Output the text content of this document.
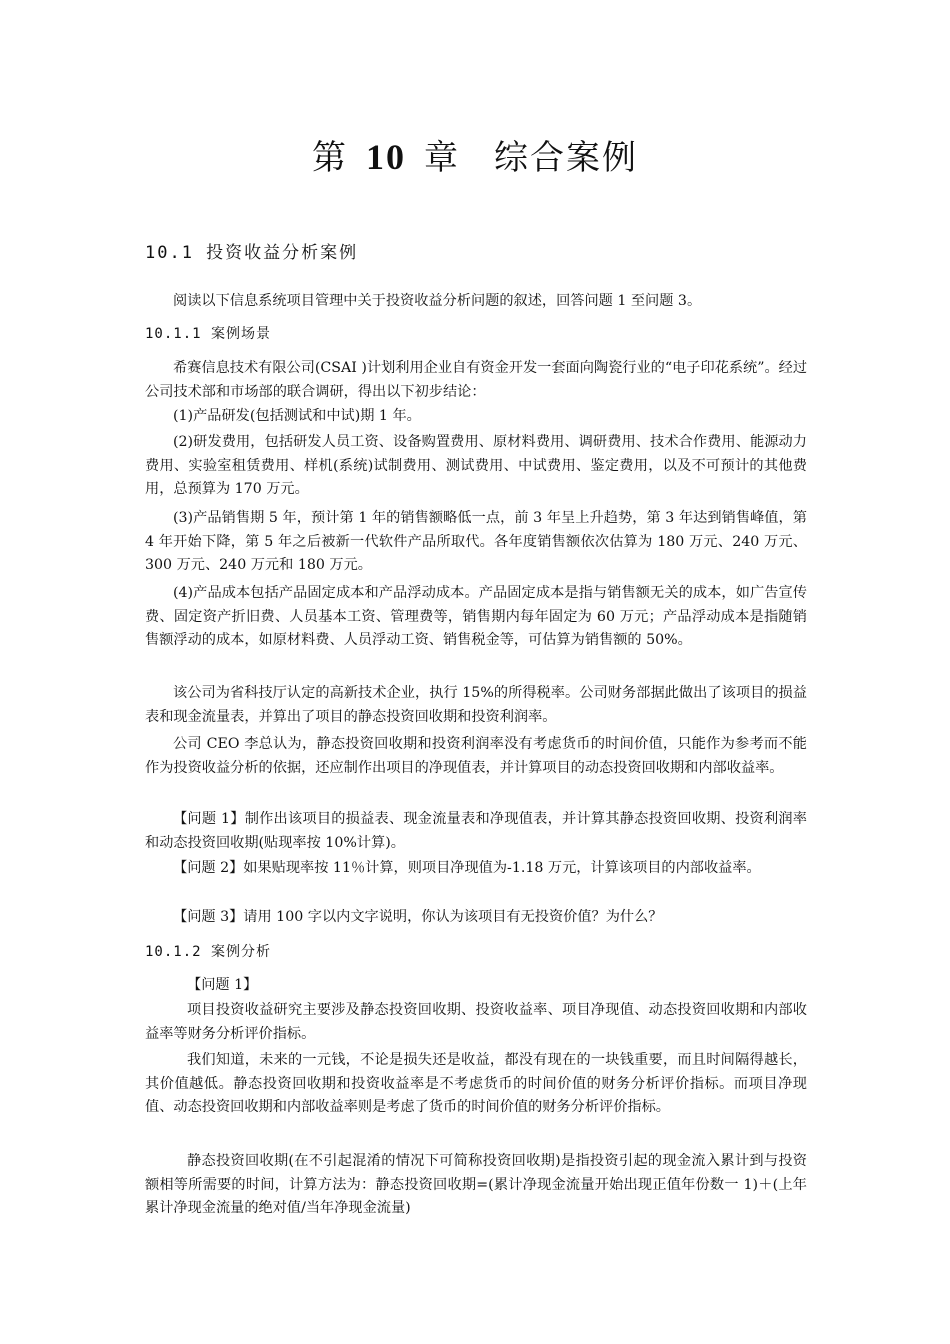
第 10 章 综合案例
10.1 投资收益分析案例
阅读以下信息系统项目管理中关于投资收益分析问题的叙述，回答问题 1 至问题 3。
10.1.1 案例场景
希赛信息技术有限公司(CSAI )计划利用企业自有资金开发一套面向陶瓷行业的“电子印花系统”。经过公司技术部和市场部的联合调研，得出以下初步结论：
(1)产品研发(包括测试和中试)期 1 年。
(2)研发费用，包括研发人员工资、设备购置费用、原材料费用、调研费用、技术合作费用、能源动力费用、实验室租赁费用、样机(系统)试制费用、测试费用、中试费用、鉴定费用，以及不可预计的其他费用，总预算为 170 万元。
(3)产品销售期 5 年，预计第 1 年的销售额略低一点，前 3 年呈上升趋势，第 3 年达到销售峰值，第 4 年开始下降，第 5 年之后被新一代软件产品所取代。各年度销售额依次估算为 180 万元、240 万元、300 万元、240 万元和 180 万元。
(4)产品成本包括产品固定成本和产品浮动成本。产品固定成本是指与销售额无关的成本，如广告宣传费、固定资产折旧费、人员基本工资、管理费等，销售期内每年固定为 60 万元；产品浮动成本是指随销售额浮动的成本，如原材料费、人员浮动工资、销售税金等，可估算为销售额的 50%。
该公司为省科技厅认定的高新技术企业，执行 15%的所得税率。公司财务部据此做出了该项目的损益表和现金流量表，并算出了项目的静态投资回收期和投资利润率。
公司 CEO 李总认为，静态投资回收期和投资利润率没有考虑货币的时间价值，只能作为参考而不能作为投资收益分析的依据，还应制作出项目的净现值表，并计算项目的动态投资回收期和内部收益率。
【问题 1】制作出该项目的损益表、现金流量表和净现值表，并计算其静态投资回收期、投资利润率和动态投资回收期(贴现率按 10%计算)。
【问题 2】如果贴现率按 11％计算，则项目净现值为-1.18 万元，计算该项目的内部收益率。
【问题 3】请用 100 字以内文字说明，你认为该项目有无投资价值？为什么？
10.1.2 案例分析
【问题 1】
项目投资收益研究主要涉及静态投资回收期、投资收益率、项目净现值、动态投资回收期和内部收益率等财务分析评价指标。
我们知道，未来的一元钱，不论是损失还是收益，都没有现在的一块钱重要，而且时间隔得越长，其价值越低。静态投资回收期和投资收益率是不考虑货币的时间价值的财务分析评价指标。而项目净现值、动态投资回收期和内部收益率则是考虑了货币的时间价值的财务分析评价指标。
静态投资回收期(在不引起混淆的情况下可简称投资回收期)是指投资引起的现金流入累计到与投资额相等所需要的时间，计算方法为：静态投资回收期=(累计净现金流量开始出现正值年份数一 1)＋(上年累计净现金流量的绝对值/当年净现金流量)
